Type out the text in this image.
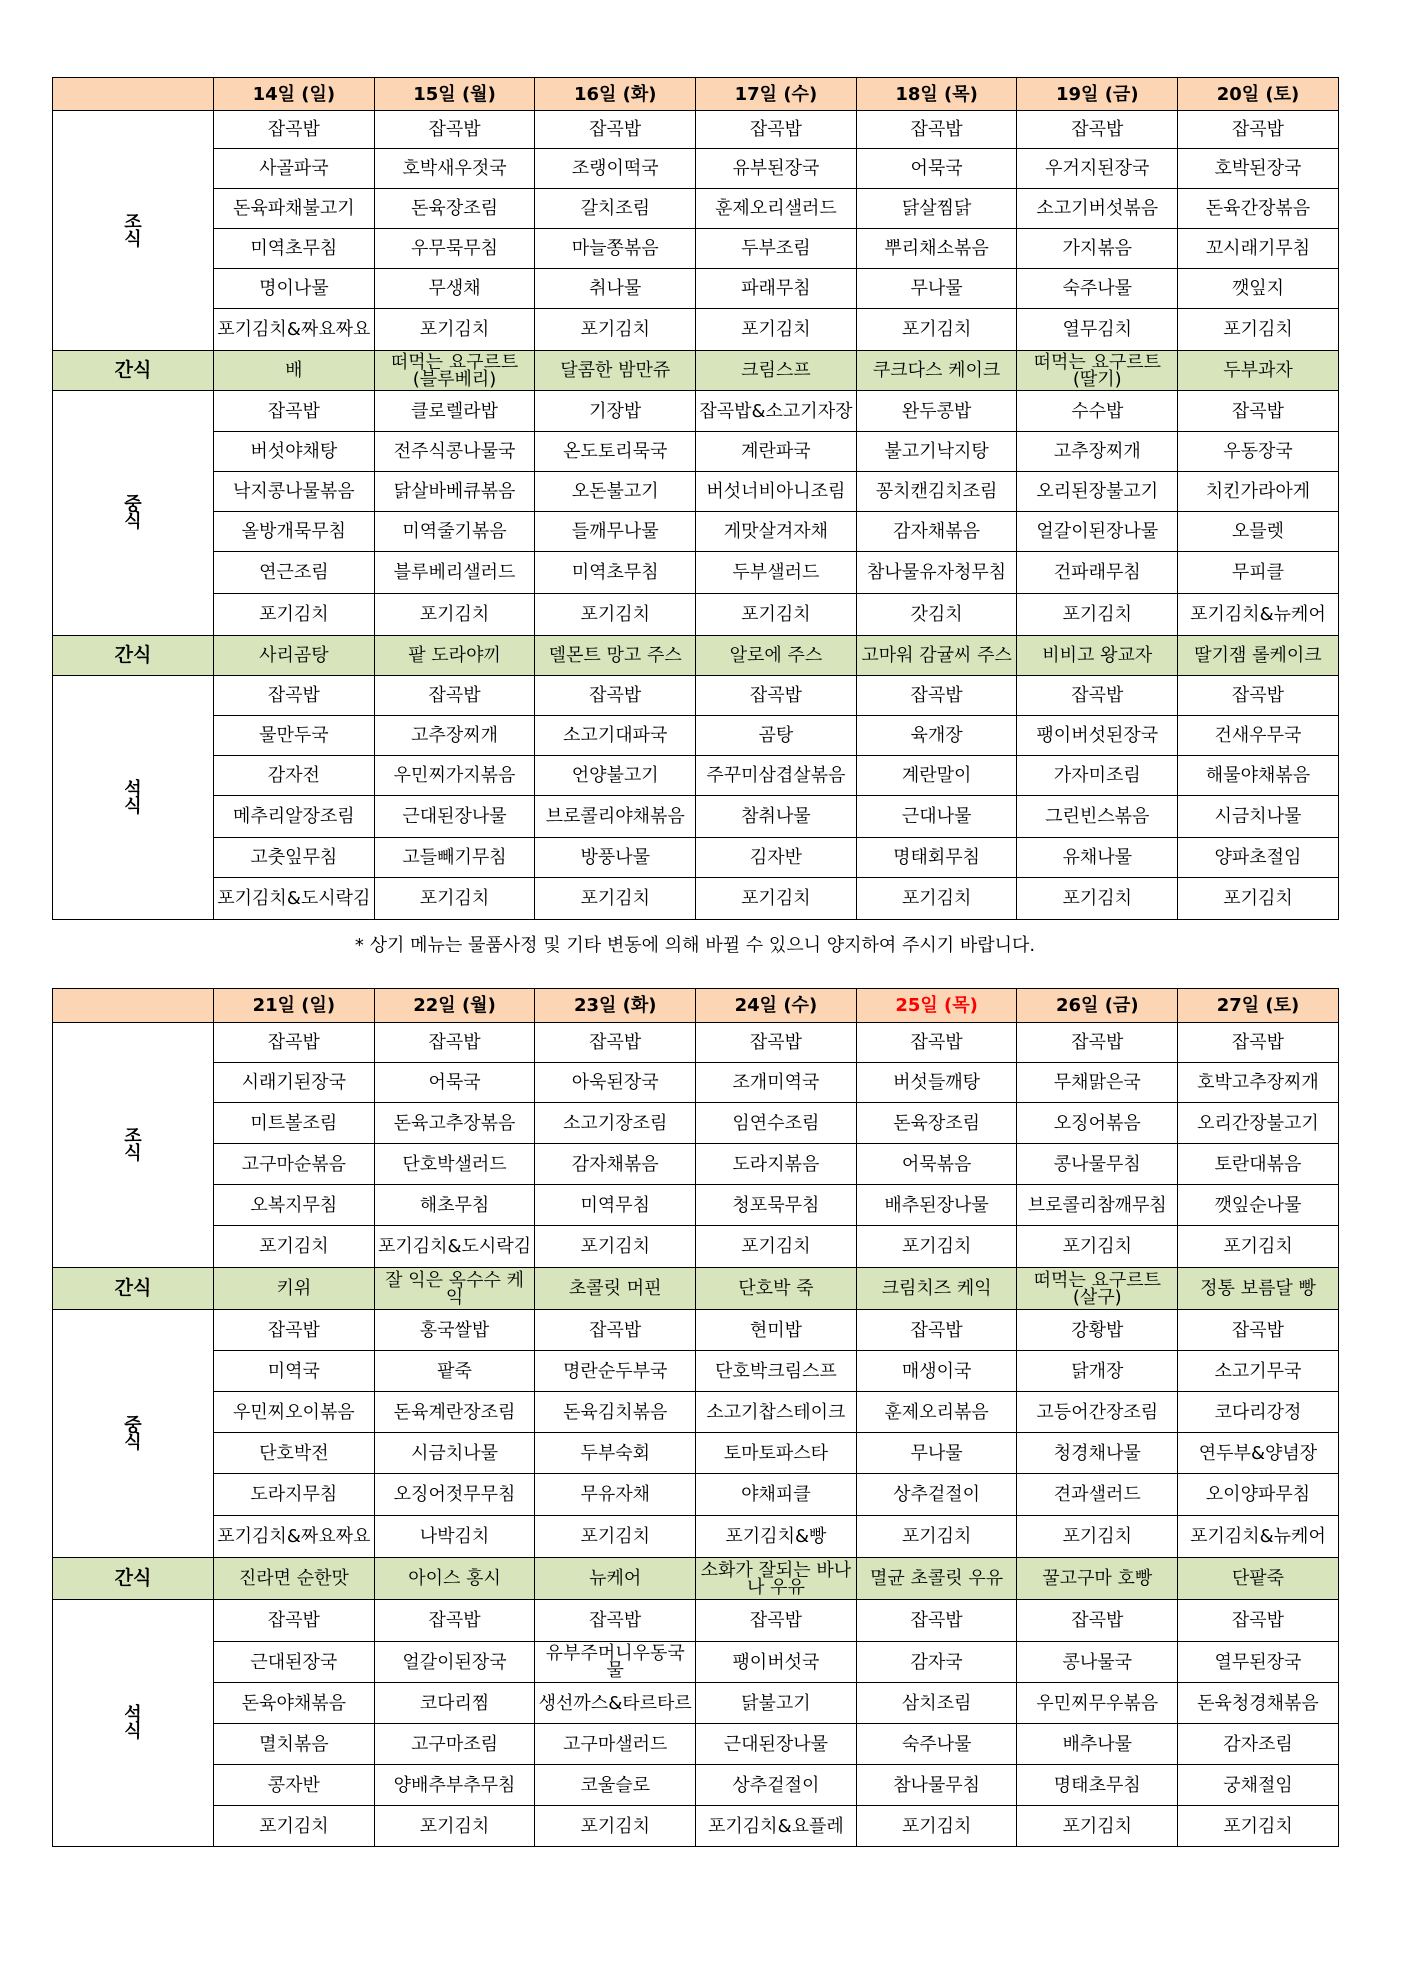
	14일 (일)	15일 (월)	16일 (화)	17일 (수)	18일 (목)	19일 (금)	20일 (토)

조
식	잡곡밥	잡곡밥	잡곡밥	잡곡밥	잡곡밥	잡곡밥	잡곡밥
	사골파국	호박새우젓국	조랭이떡국	유부된장국	어묵국	우거지된장국	호박된장국
	돈육파채불고기	돈육장조림	갈치조림	훈제오리샐러드	닭살찜닭	소고기버섯볶음	돈육간장볶음
	미역초무침	우무묵무침	마늘쫑볶음	두부조림	뿌리채소볶음	가지볶음	꼬시래기무침
	명이나물	무생채	취나물	파래무침	무나물	숙주나물	깻잎지
	포기김치&짜요짜요	포기김치	포기김치	포기김치	포기김치	열무김치	포기김치
간식	배	떠먹는 요구르트 (블루베리)	달콤한 밤만쥬	크림스프	쿠크다스 케이크	떠먹는 요구르트 (딸기)	두부과자

중
식	잡곡밥	클로렐라밥	기장밥	잡곡밥&소고기자장	완두콩밥	수수밥	잡곡밥
	버섯야채탕	전주식콩나물국	온도토리묵국	계란파국	불고기낙지탕	고추장찌개	우동장국
	낙지콩나물볶음	닭살바베큐볶음	오돈불고기	버섯너비아니조림	꽁치캔김치조림	오리된장불고기	치킨가라아게
	올방개묵무침	미역줄기볶음	들깨무나물	게맛살겨자채	감자채볶음	얼갈이된장나물	오믈렛
	연근조림	블루베리샐러드	미역초무침	두부샐러드	참나물유자청무침	건파래무침	무피클
	포기김치	포기김치	포기김치	포기김치	갓김치	포기김치	포기김치&뉴케어
간식	사리곰탕	팥 도라야끼	델몬트 망고 주스	알로에 주스	고마워 감귤씨 주스	비비고 왕교자	딸기잼 롤케이크

석
식	잡곡밥	잡곡밥	잡곡밥	잡곡밥	잡곡밥	잡곡밥	잡곡밥
	물만두국	고추장찌개	소고기대파국	곰탕	육개장	팽이버섯된장국	건새우무국
	감자전	우민찌가지볶음	언양불고기	주꾸미삼겹살볶음	계란말이	가자미조림	해물야채볶음
	메추리알장조림	근대된장나물	브로콜리야채볶음	참취나물	근대나물	그린빈스볶음	시금치나물
	고춧잎무침	고들빼기무침	방풍나물	김자반	명태회무침	유채나물	양파초절임
	포기김치&도시락김	포기김치	포기김치	포기김치	포기김치	포기김치	포기김치
* 상기 메뉴는 물품사정 및 기타 변동에 의해 바뀔 수 있으니 양지하여 주시기 바랍니다.
	21일 (일)	22일 (월)	23일 (화)	24일 (수)	25일 (목)	26일 (금)	27일 (토)

조
식	잡곡밥	잡곡밥	잡곡밥	잡곡밥	잡곡밥	잡곡밥	잡곡밥
	시래기된장국	어묵국	아욱된장국	조개미역국	버섯들깨탕	무채맑은국	호박고추장찌개
	미트볼조림	돈육고추장볶음	소고기장조림	임연수조림	돈육장조림	오징어볶음	오리간장불고기
	고구마순볶음	단호박샐러드	감자채볶음	도라지볶음	어묵볶음	콩나물무침	토란대볶음
	오복지무침	해초무침	미역무침	청포묵무침	배추된장나물	브로콜리참깨무침	깻잎순나물
	포기김치	포기김치&도시락김	포기김치	포기김치	포기김치	포기김치	포기김치
간식	키위	잘 익은 옥수수 케익	초콜릿 머핀	단호박 죽	크림치즈 케익	떠먹는 요구르트 (살구)	정통 보름달 빵

중
식	잡곡밥	홍국쌀밥	잡곡밥	현미밥	잡곡밥	강황밥	잡곡밥
	미역국	팥죽	명란순두부국	단호박크림스프	매생이국	닭개장	소고기무국
	우민찌오이볶음	돈육계란장조림	돈육김치볶음	소고기찹스테이크	훈제오리볶음	고등어간장조림	코다리강정
	단호박전	시금치나물	두부숙회	토마토파스타	무나물	청경채나물	연두부&양념장
	도라지무침	오징어젓무무침	무유자채	야채피클	상추겉절이	견과샐러드	오이양파무침
	포기김치&짜요짜요	나박김치	포기김치	포기김치&빵	포기김치	포기김치	포기김치&뉴케어
간식	진라면 순한맛	아이스 홍시	뉴케어	소화가 잘되는 바나나 우유	멸균 초콜릿 우유	꿀고구마 호빵	단팥죽

석
식	잡곡밥	잡곡밥	잡곡밥	잡곡밥	잡곡밥	잡곡밥	잡곡밥
	근대된장국	얼갈이된장국	유부주머니우동국물	팽이버섯국	감자국	콩나물국	열무된장국
	돈육야채볶음	코다리찜	생선까스&타르타르	닭불고기	삼치조림	우민찌무우볶음	돈육청경채볶음
	멸치볶음	고구마조림	고구마샐러드	근대된장나물	숙주나물	배추나물	감자조림
	콩자반	양배추부추무침	코울슬로	상추겉절이	참나물무침	명태초무침	궁채절임
	포기김치	포기김치	포기김치	포기김치&요플레	포기김치	포기김치	포기김치
